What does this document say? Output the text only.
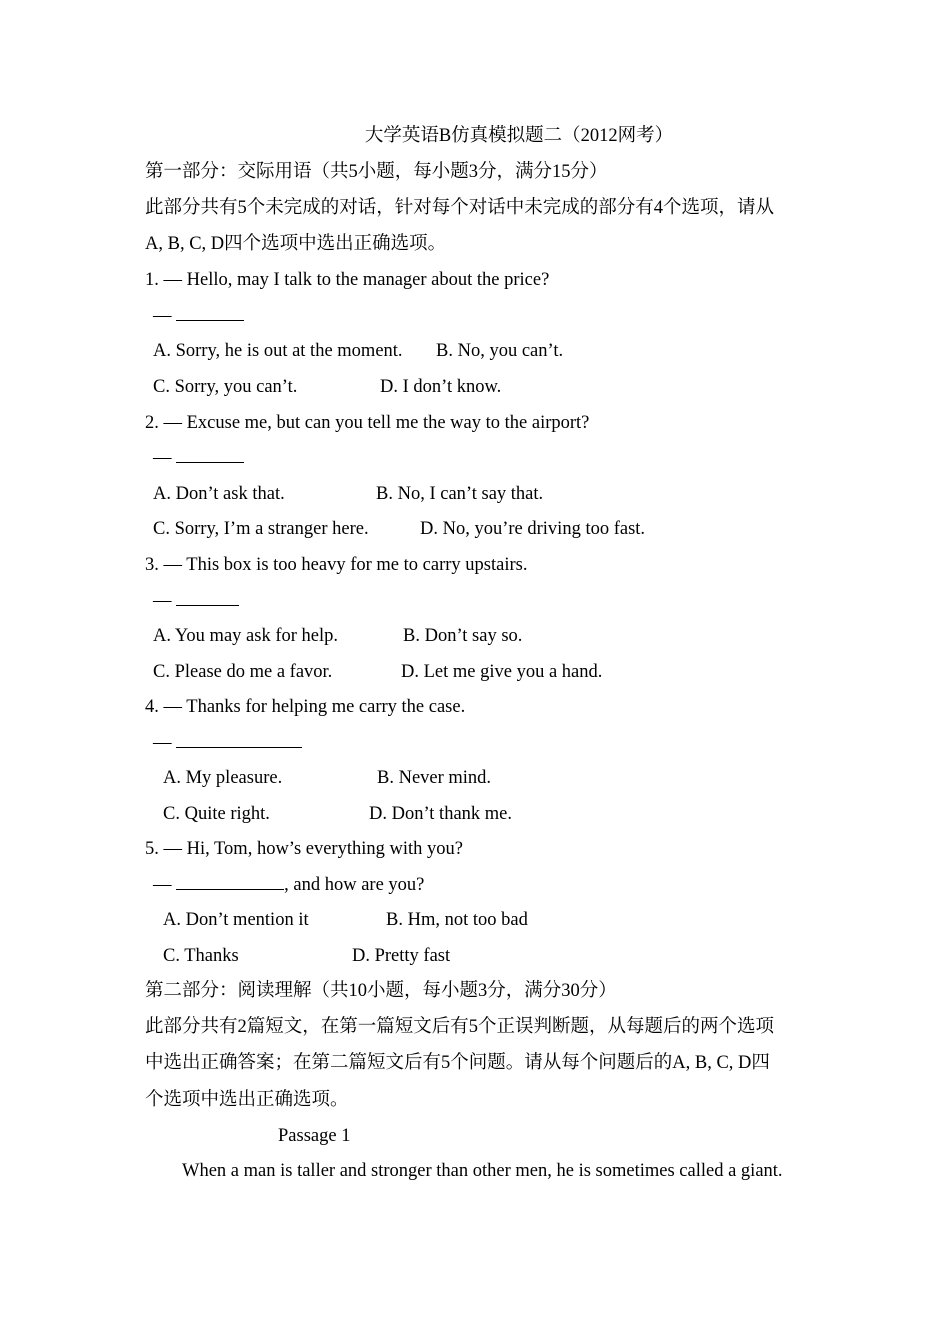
大学英语B仿真模拟题二（2012网考）
第一部分：交际用语（共5小题，每小题3分，满分15分）
此部分共有5个未完成的对话，针对每个对话中未完成的部分有4个选项，请从
A, B, C, D四个选项中选出正确选项。
1. — Hello, may I talk to the manager about the price?
—
A. Sorry, he is out at the moment. B. No, you can’t.
C. Sorry, you can’t.	D. I don’t know.
2. — Excuse me, but can you tell me the way to the airport?
—
A. Don’t ask that.	B. No, I can’t say that.
C. Sorry, I’m a stranger here.	D. No, you’re driving too fast.
3. — This box is too heavy for me to carry upstairs.
—
A. You may ask for help.	B. Don’t say so.
C. Please do me a favor.	D. Let me give you a hand.
4. — Thanks for helping me carry the case.
—
A. My pleasure.	B. Never mind.
C. Quite right.	D. Don’t thank me.
5. — Hi, Tom, how’s everything with you?
—	, and how are you?
A. Don’t mention it	B. Hm, not too bad
C. Thanks	D. Pretty fast
第二部分：阅读理解（共10小题，每小题3分，满分30分）
此部分共有2篇短文，在第一篇短文后有5个正误判断题，从每题后的两个选项
中选出正确答案；在第二篇短文后有5个问题。请从每个问题后的A, B, C, D四
个选项中选出正确选项。
Passage 1
When a man is taller and stronger than other men, he is sometimes called a giant.
